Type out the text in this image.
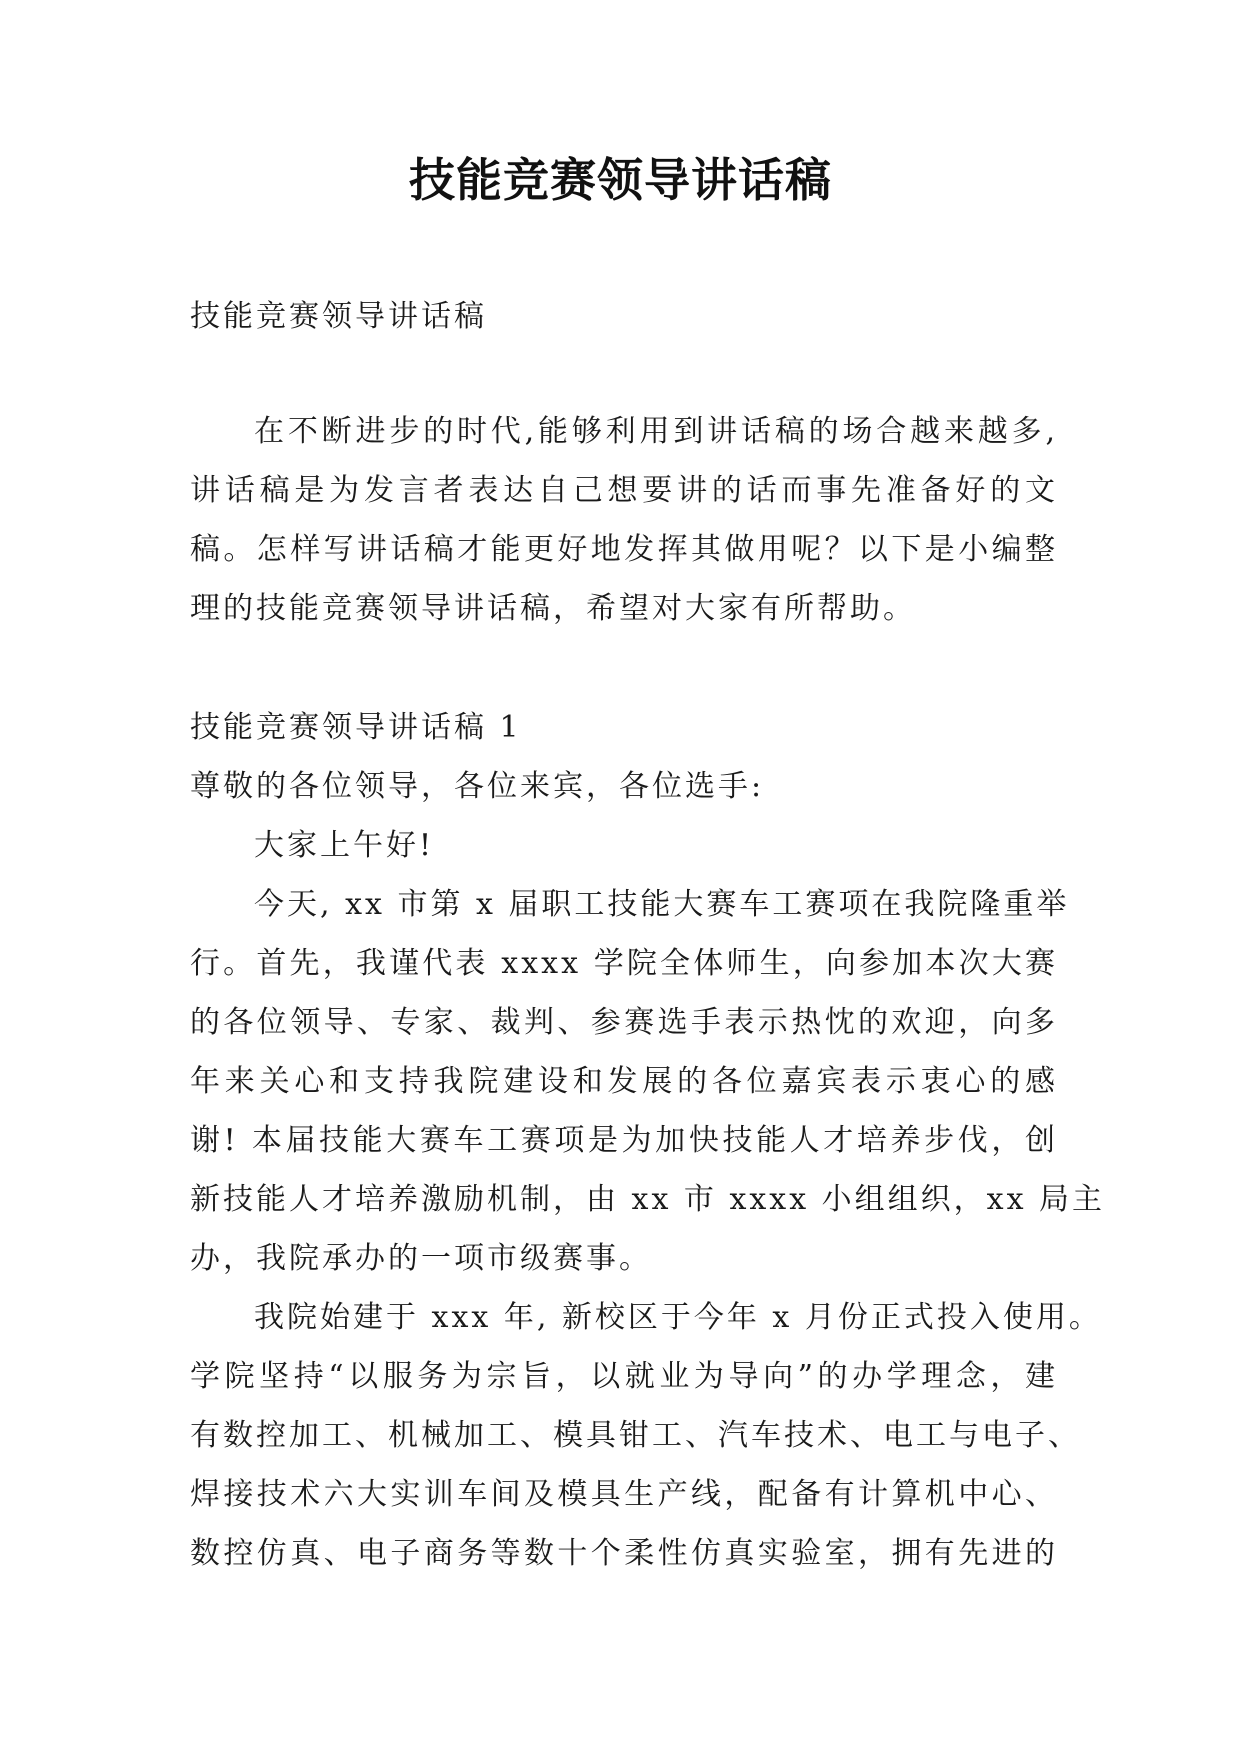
技能竞赛领导讲话稿
技能竞赛领导讲话稿
在不断进步的时代,能够利用到讲话稿的场合越来越多,
讲话稿是为发言者表达自己想要讲的话而事先准备好的文
稿。怎样写讲话稿才能更好地发挥其做用呢？以下是小编整
理的技能竞赛领导讲话稿，希望对大家有所帮助。
技能竞赛领导讲话稿 1
尊敬的各位领导，各位来宾，各位选手:
大家上午好!
今天, xx 市第 x 届职工技能大赛车工赛项在我院隆重举
行。首先，我谨代表 xxxx 学院全体师生，向参加本次大赛
的各位领导、专家、裁判、参赛选手表示热忱的欢迎，向多
年来关心和支持我院建设和发展的各位嘉宾表示衷心的感
谢! 本届技能大赛车工赛项是为加快技能人才培养步伐，创
新技能人才培养激励机制，由 xx 市 xxxx 小组组织，xx 局主
办，我院承办的一项市级赛事。
我院始建于 xxx 年, 新校区于今年 x 月份正式投入使用。
学院坚持“以服务为宗旨，以就业为导向”的办学理念，建
有数控加工、机械加工、模具钳工、汽车技术、电工与电子、
焊接技术六大实训车间及模具生产线，配备有计算机中心、
数控仿真、电子商务等数十个柔性仿真实验室，拥有先进的
